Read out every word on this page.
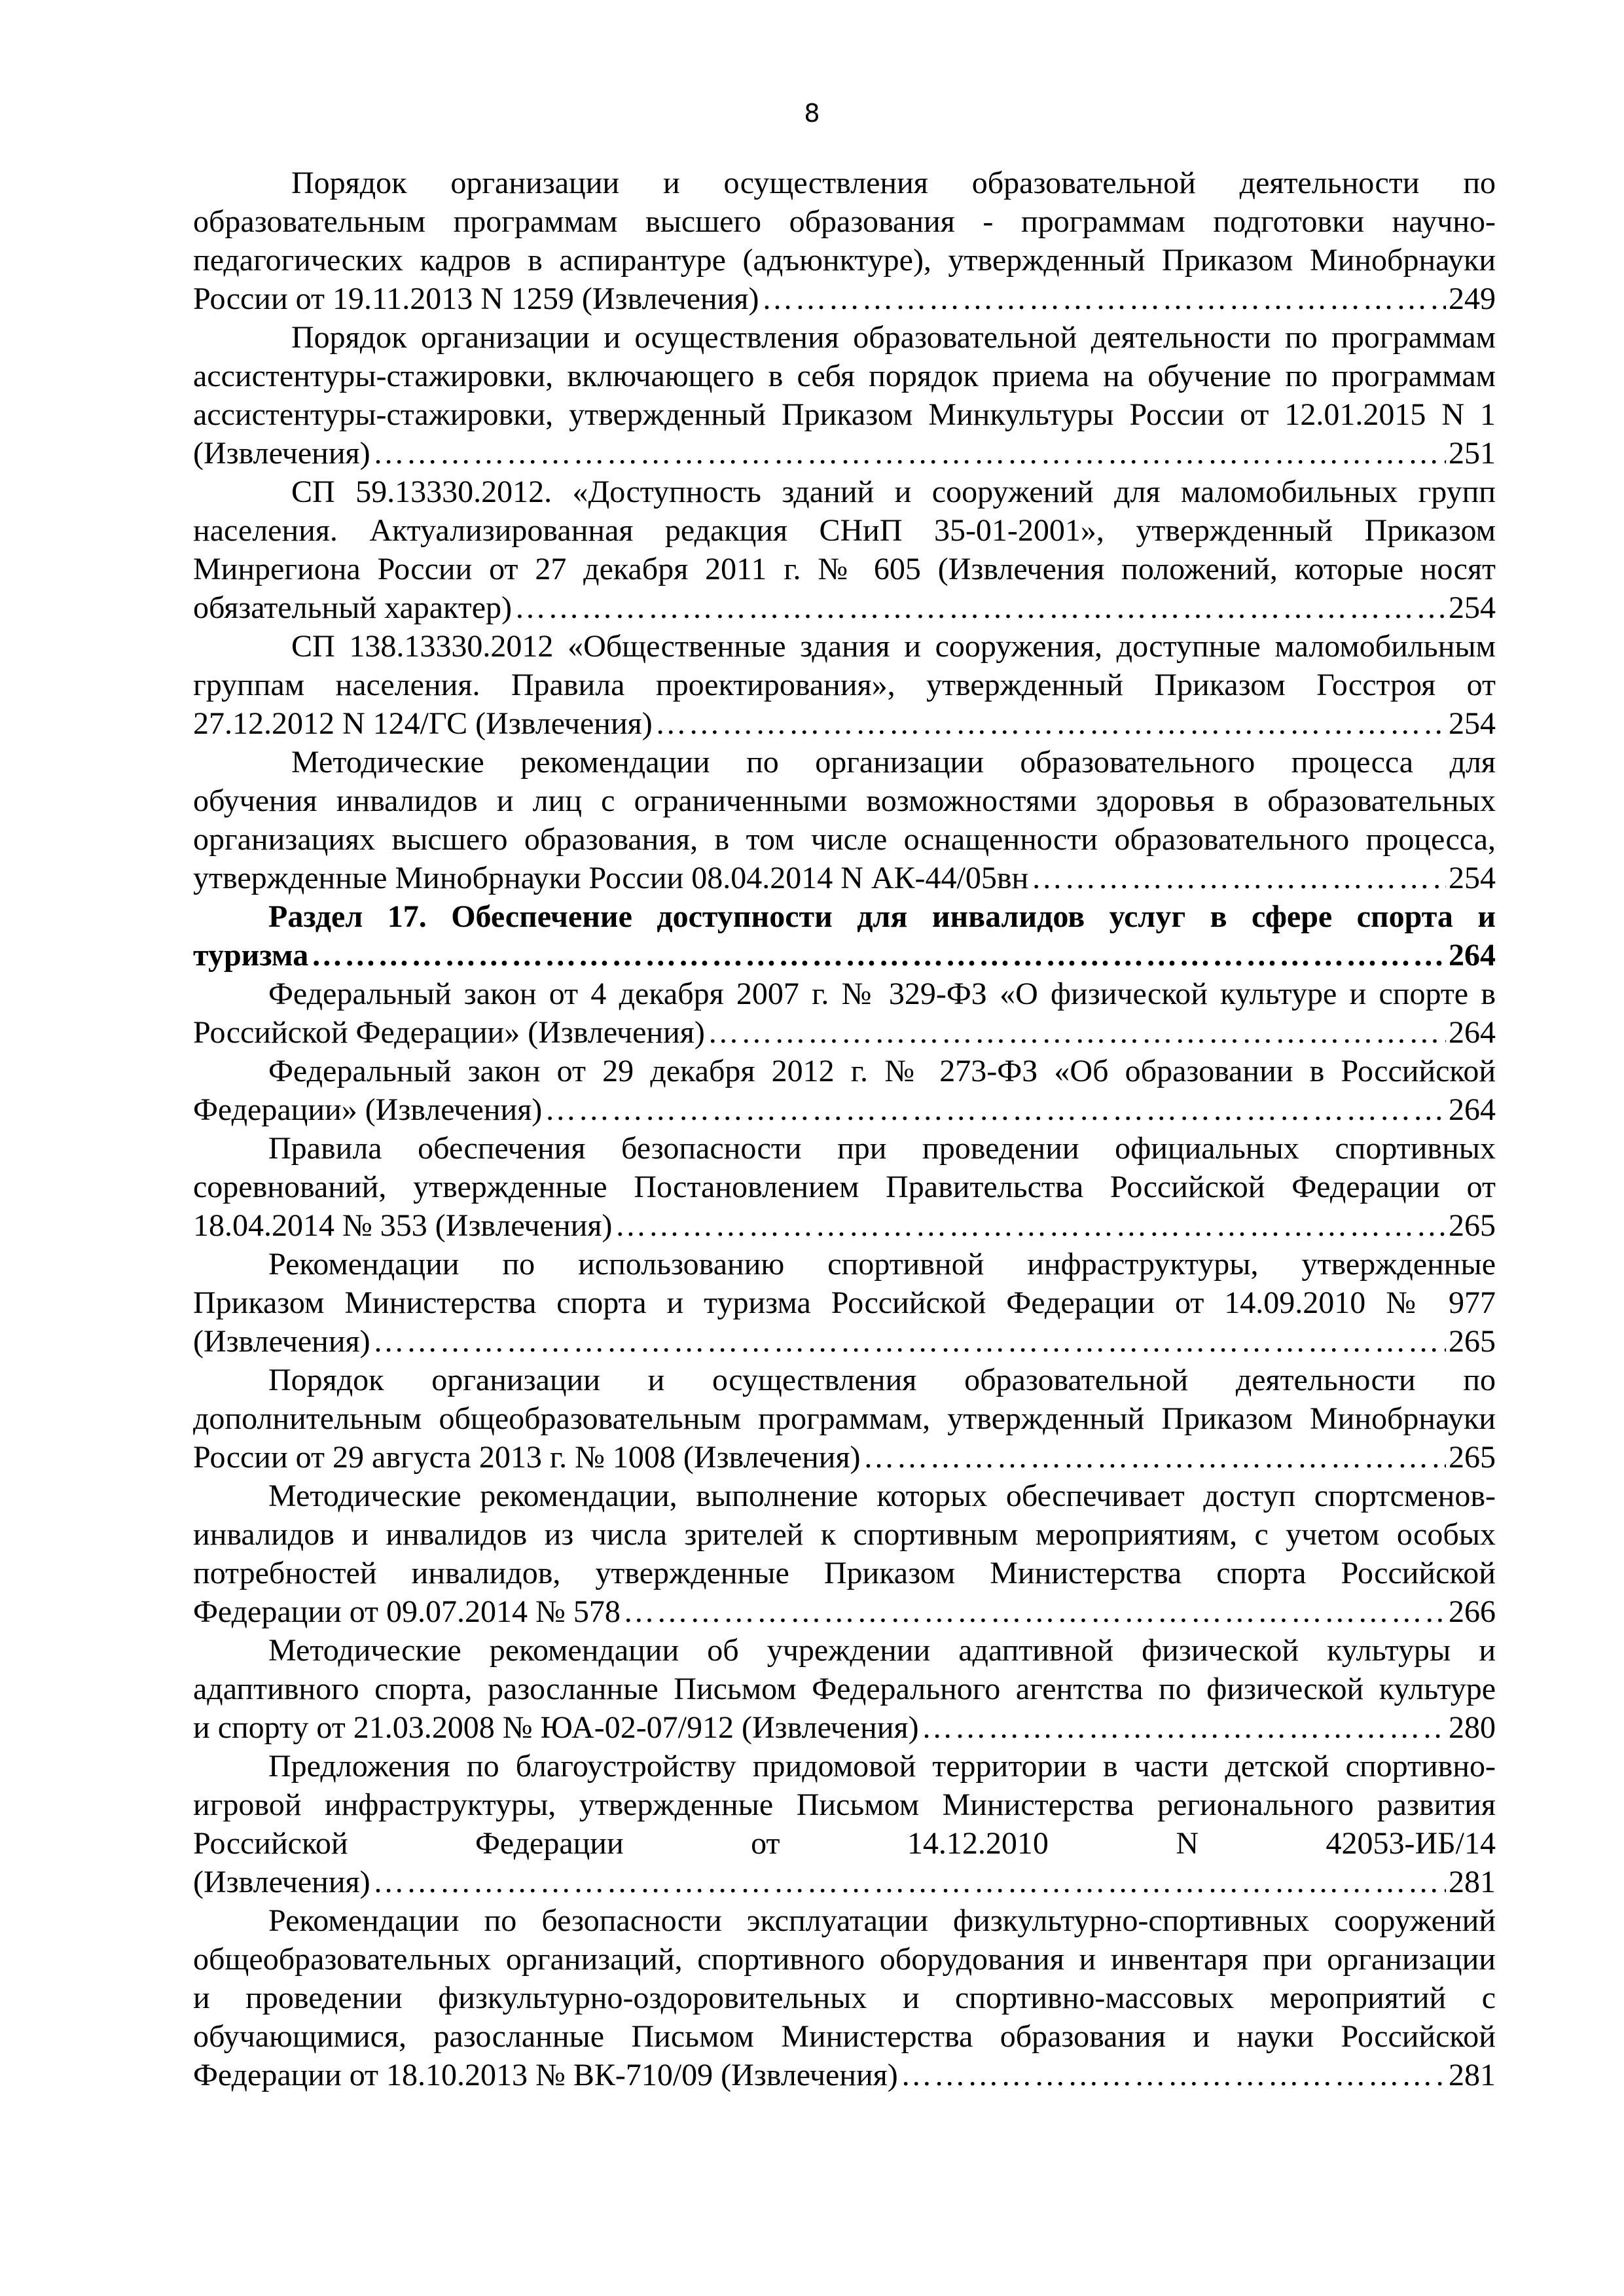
8
Порядок организации и осуществления образовательной деятельности по
образовательным программам высшего образования - программам подготовки научно-
педагогических кадров в аспирантуре (адъюнктуре), утвержденный Приказом Минобрнауки
России от 19.11.2013 N 1259 (Извлечения) ……………………………………………………………………………………………………………………………………………………………………………………	249
Порядок организации и осуществления образовательной деятельности по программам
ассистентуры-стажировки, включающего в себя порядок приема на обучение по программам
ассистентуры-стажировки, утвержденный Приказом Минкультуры России от 12.01.2015 N 1
(Извлечения) ……………………………………………………………………………………………………………………………………………………………………………………	251
СП 59.13330.2012. «Доступность зданий и сооружений для маломобильных групп
населения. Актуализированная редакция СНиП 35-01-2001», утвержденный Приказом
Минрегиона России от 27 декабря 2011 г. № 605 (Извлечения положений, которые носят
обязательный характер) ……………………………………………………………………………………………………………………………………………………………………………………	254
СП 138.13330.2012 «Общественные здания и сооружения, доступные маломобильным
группам населения. Правила проектирования», утвержденный Приказом Госстроя от
27.12.2012 N 124/ГС (Извлечения) ……………………………………………………………………………………………………………………………………………………………………………………	254
Методические рекомендации по организации образовательного процесса для
обучения инвалидов и лиц с ограниченными возможностями здоровья в образовательных
организациях высшего образования, в том числе оснащенности образовательного процесса,
утвержденные Минобрнауки России 08.04.2014 N АК-44/05вн ……………………………………………………………………………………………………………………………………………………………………………………	254
Раздел 17. Обеспечение доступности для инвалидов услуг в сфере спорта и
туризма ……………………………………………………………………………………………………………………………………………………………………………………	264
Федеральный закон от 4 декабря 2007 г. № 329-ФЗ «О физической культуре и спорте в
Российской Федерации» (Извлечения) ……………………………………………………………………………………………………………………………………………………………………………………	264
Федеральный закон от 29 декабря 2012 г. № 273-ФЗ «Об образовании в Российской
Федерации» (Извлечения) ……………………………………………………………………………………………………………………………………………………………………………………	264
Правила обеспечения безопасности при проведении официальных спортивных
соревнований, утвержденные Постановлением Правительства Российской Федерации от
18.04.2014 № 353 (Извлечения) ……………………………………………………………………………………………………………………………………………………………………………………	265
Рекомендации по использованию спортивной инфраструктуры, утвержденные
Приказом Министерства спорта и туризма Российской Федерации от 14.09.2010 № 977
(Извлечения) ……………………………………………………………………………………………………………………………………………………………………………………	265
Порядок организации и осуществления образовательной деятельности по
дополнительным общеобразовательным программам, утвержденный Приказом Минобрнауки
России от 29 августа 2013 г. № 1008 (Извлечения) ……………………………………………………………………………………………………………………………………………………………………………………	265
Методические рекомендации, выполнение которых обеспечивает доступ спортсменов-
инвалидов и инвалидов из числа зрителей к спортивным мероприятиям, с учетом особых
потребностей инвалидов, утвержденные Приказом Министерства спорта Российской
Федерации от 09.07.2014 № 578 ……………………………………………………………………………………………………………………………………………………………………………………	266
Методические рекомендации об учреждении адаптивной физической культуры и
адаптивного спорта, разосланные Письмом Федерального агентства по физической культуре
и спорту от 21.03.2008 № ЮА-02-07/912 (Извлечения) ……………………………………………………………………………………………………………………………………………………………………………………	280
Предложения по благоустройству придомовой территории в части детской спортивно-
игровой инфраструктуры, утвержденные Письмом Министерства регионального развития
Российской Федерации от 14.12.2010 N 42053-ИБ/14
(Извлечения) ……………………………………………………………………………………………………………………………………………………………………………………	281
Рекомендации по безопасности эксплуатации физкультурно-спортивных сооружений
общеобразовательных организаций, спортивного оборудования и инвентаря при организации
и проведении физкультурно-оздоровительных и спортивно-массовых мероприятий с
обучающимися, разосланные Письмом Министерства образования и науки Российской
Федерации от 18.10.2013 № ВК-710/09 (Извлечения) ……………………………………………………………………………………………………………………………………………………………………………………	281
